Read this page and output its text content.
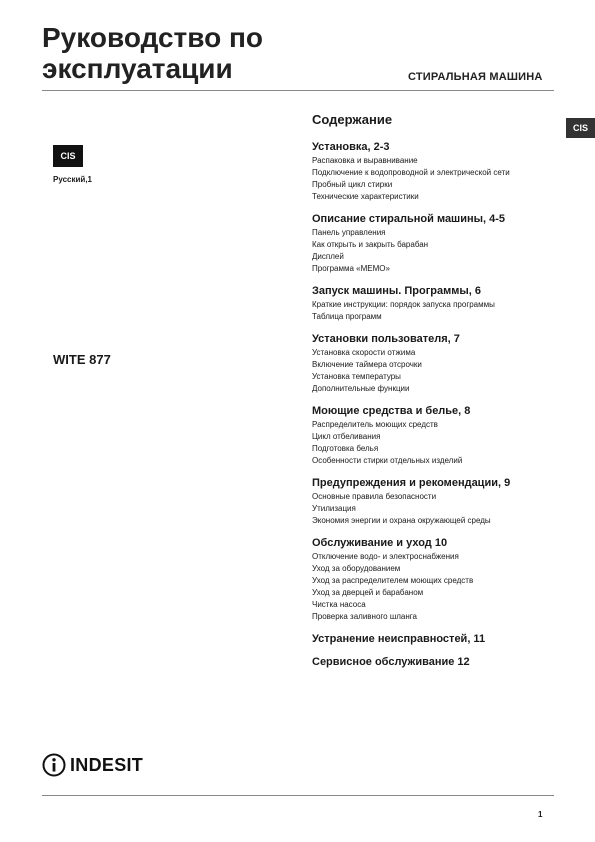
Руководство по
эксплуатации	СТИРАЛЬНАЯ МАШИНА
CIS
CIS
Русский,1
WITE 877
Содержание
Установка, 2-3
Распаковка и выравнивание
Подключение к водопроводной и электрической сети
Пробный цикл стирки
Технические характеристики
Описание стиральной машины, 4-5
Панель управления
Как открыть и закрыть барабан
Дисплей
Программа «МЕМО»
Запуск машины. Программы, 6
Краткие инструкции: порядок запуска программы
Таблица программ
Установки пользователя, 7
Установка скорости отжима
Включение таймера отсрочки
Установка температуры
Дополнительные функции
Моющие средства и белье, 8
Распределитель моющих средств
Цикл отбеливания
Подготовка белья
Особенности стирки отдельных изделий
Предупреждения и рекомендации, 9
Основные правила безопасности
Утилизация
Экономия энергии и охрана окружающей среды
Обслуживание и уход 10
Отключение водо- и электроснабжения
Уход за оборудованием
Уход за распределителем моющих средств
Уход за дверцей и барабаном
Чистка насоса
Проверка заливного шланга
Устранение неисправностей, 11
Сервисное обслуживание 12
INDESIT
1
